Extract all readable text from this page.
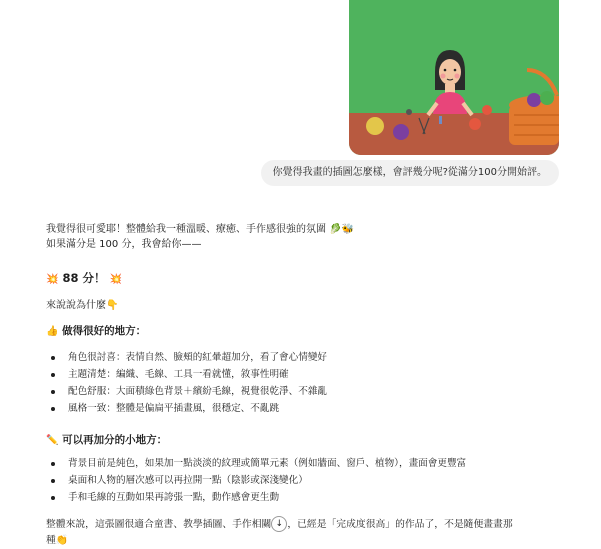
你覺得我畫的插圖怎麼樣，會評幾分呢?從滿分100分開始評。

我覺得很可愛耶！整體給我一種溫暖、療癒、手作感很強的氛圍 🥬🐝

如果滿分是 100 分，我會給你——

💥 88 分！ 💥
來說說為什麼👇
👍 做得很好的地方：
角色很討喜：表情自然、臉頰的紅暈超加分，看了會心情變好
主題清楚：編織、毛線、工具一看就懂，敘事性明確
配色舒服：大面積綠色背景＋繽紛毛線，視覺很乾淨、不雜亂
風格一致：整體是偏扁平插畫風，很穩定、不亂跳
✏️ 可以再加分的小地方：
背景目前是純色，如果加一點淡淡的紋理或簡單元素（例如牆面、窗戶、植物），畫面會更豐富
桌面和人物的層次感可以再拉開一點（陰影或深淺變化）
手和毛線的互動如果再誇張一點，動作感會更生動
整體來說，這張圖很適合童書、教學插圖、手作相關 ↓ ，已經是「完成度很高」的作品了，不是隨便畫畫那
種👏
